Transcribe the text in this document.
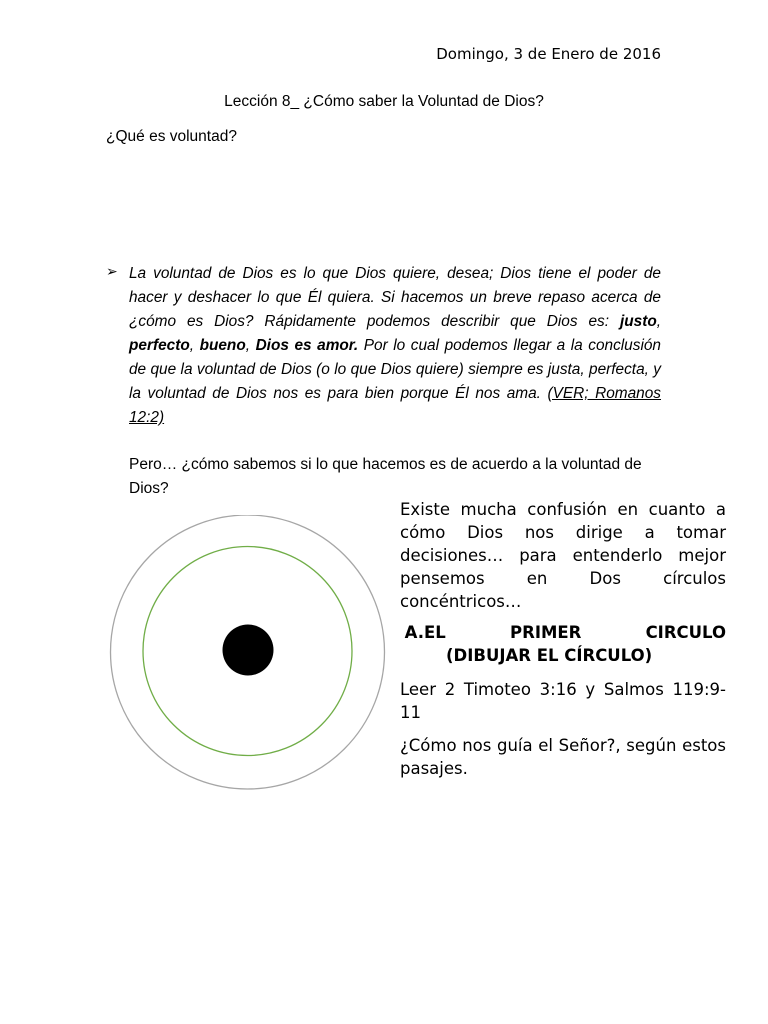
Domingo, 3 de Enero de 2016
Lección 8_ ¿Cómo saber la Voluntad de Dios?
¿Qué es voluntad?
➢ La voluntad de Dios es lo que Dios quiere, desea; Dios tiene el poder de hacer y deshacer lo que Él quiera. Si hacemos un breve repaso acerca de ¿cómo es Dios? Rápidamente podemos describir que Dios es: justo, perfecto, bueno, Dios es amor. Por lo cual podemos llegar a la conclusión de que la voluntad de Dios (o lo que Dios quiere) siempre es justa, perfecta, y la voluntad de Dios nos es para bien porque Él nos ama. (VER; Romanos 12:2)
Pero… ¿cómo sabemos si lo que hacemos es de acuerdo a la voluntad de Dios?

Existe mucha confusión en cuanto a cómo Dios nos dirige a tomar decisiones… para entenderlo mejor pensemos en Dos círculos concéntricos…

A. EL	PRIMER	CIRCULO
(DIBUJAR EL CÍRCULO)

Leer 2 Timoteo 3:16 y Salmos 119:9-11

¿Cómo nos guía el Señor?, según estos pasajes.
